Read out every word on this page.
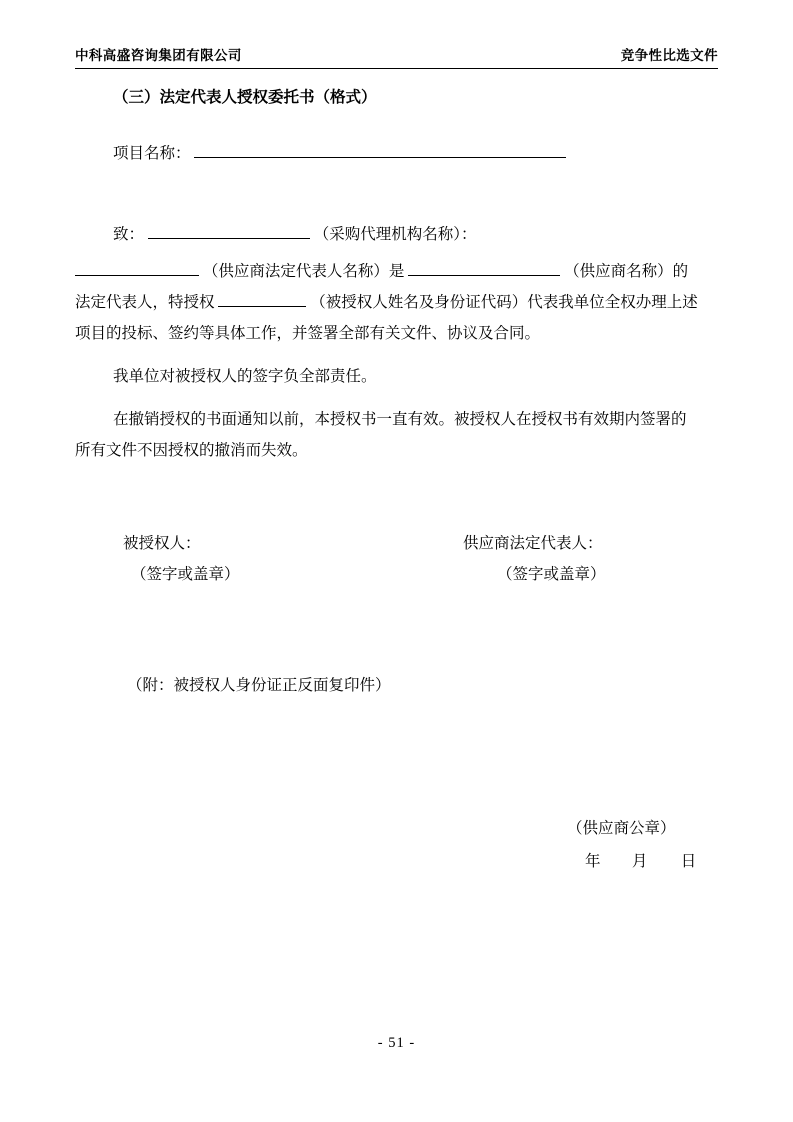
中科高盛咨询集团有限公司	竞争性比选文件
（三）法定代表人授权委托书（格式）

项目名称：

致：	（采购代理机构名称）：

（供应商法定代表人名称）是	（供应商名称）的

法定代表人，特授权	（被授权人姓名及身份证代码）代表我单位全权办理上述

项目的投标、签约等具体工作，并签署全部有关文件、协议及合同。

我单位对被授权人的签字负全部责任。

在撤销授权的书面通知以前，本授权书一直有效。被授权人在授权书有效期内签署的

所有文件不因授权的撤消而失效。

被授权人：
（签字或盖章）
供应商法定代表人：
（签字或盖章）
（附：被授权人身份证正反面复印件）
（供应商公章）
年 月 日
- 51 -
